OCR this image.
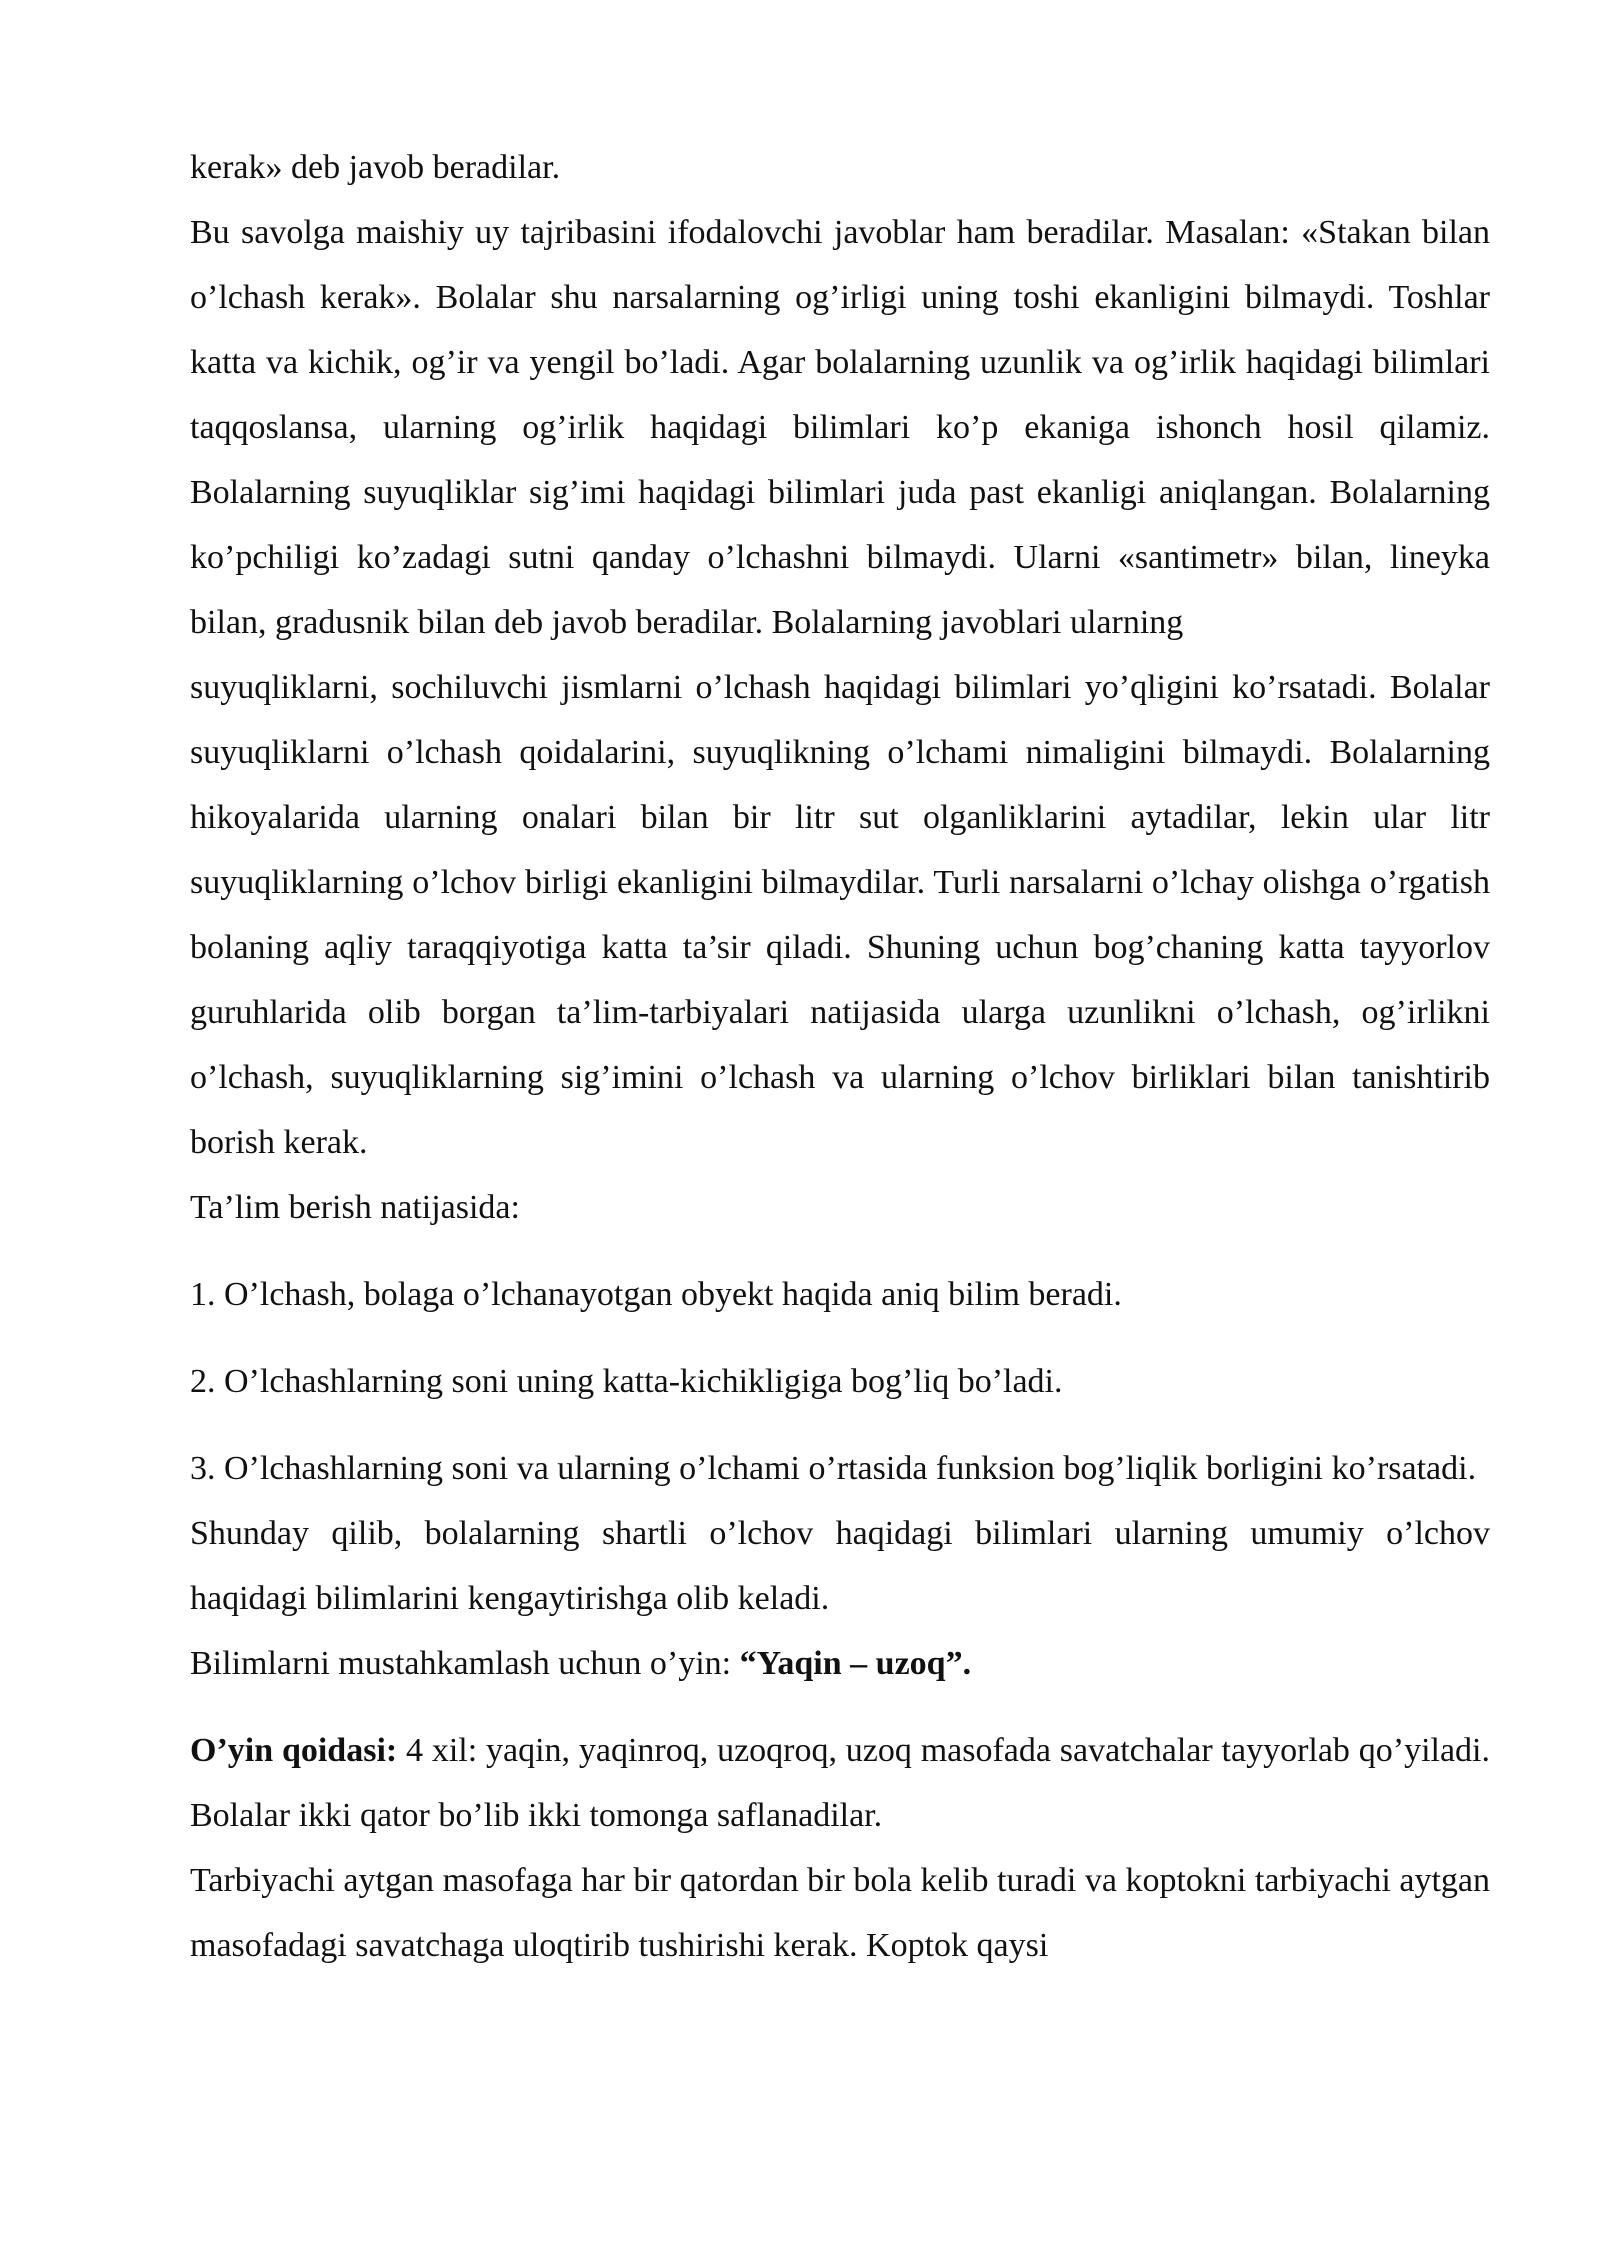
kerak» deb javob beradilar.

Bu savolga maishiy uy tajribasini ifodalovchi javoblar ham beradilar. Masalan: «Stakan bilan o’lchash kerak». Bolalar shu narsalarning og’irligi uning toshi ekanligini bilmaydi. Toshlar katta va kichik, og’ir va yengil bo’ladi. Agar bolalarning uzunlik va og’irlik haqidagi bilimlari taqqoslansa, ularning og’irlik haqidagi bilimlari ko’p ekaniga ishonch hosil qilamiz. Bolalarning suyuqliklar sig’imi haqidagi bilimlari juda past ekanligi aniqlangan. Bolalarning ko’pchiligi ko’zadagi sutni qanday o’lchashni bilmaydi. Ularni «santimetr» bilan, lineyka bilan, gradusnik bilan deb javob beradilar. Bolalarning javoblari ularning

suyuqliklarni, sochiluvchi jismlarni o’lchash haqidagi bilimlari yo’qligini ko’rsatadi. Bolalar suyuqliklarni o’lchash qoidalarini, suyuqlikning o’lchami nimaligini bilmaydi. Bolalarning hikoyalarida ularning onalari bilan bir litr sut olganliklarini aytadilar, lekin ular litr suyuqliklarning o’lchov birligi ekanligini bilmaydilar. Turli narsalarni o’lchay olishga o’rgatish bolaning aqliy taraqqiyotiga katta ta’sir qiladi. Shuning uchun bog’chaning katta tayyorlov guruhlarida olib borgan ta’lim-tarbiyalari natijasida ularga uzunlikni o’lchash, og’irlikni o’lchash, suyuqliklarning sig’imini o’lchash va ularning o’lchov birliklari bilan tanishtirib borish kerak.

Ta’lim berish natijasida:

1. O’lchash, bolaga o’lchanayotgan obyekt haqida aniq bilim beradi.

2. O’lchashlarning soni uning katta-kichikligiga bog’liq bo’ladi.

3. O’lchashlarning soni va ularning o’lchami o’rtasida funksion bog’liqlik borligini ko’rsatadi.

Shunday qilib, bolalarning shartli o’lchov haqidagi bilimlari ularning umumiy o’lchov haqidagi bilimlarini kengaytirishga olib keladi.

Bilimlarni mustahkamlash uchun o’yin: “Yaqin – uzoq”.

O’yin qoidasi: 4 xil: yaqin, yaqinroq, uzoqroq, uzoq masofada savatchalar tayyorlab qo’yiladi. Bolalar ikki qator bo’lib ikki tomonga saflanadilar.

Tarbiyachi aytgan masofaga har bir qatordan bir bola kelib turadi va koptokni tarbiyachi aytgan masofadagi savatchaga uloqtirib tushirishi kerak. Koptok qaysi
